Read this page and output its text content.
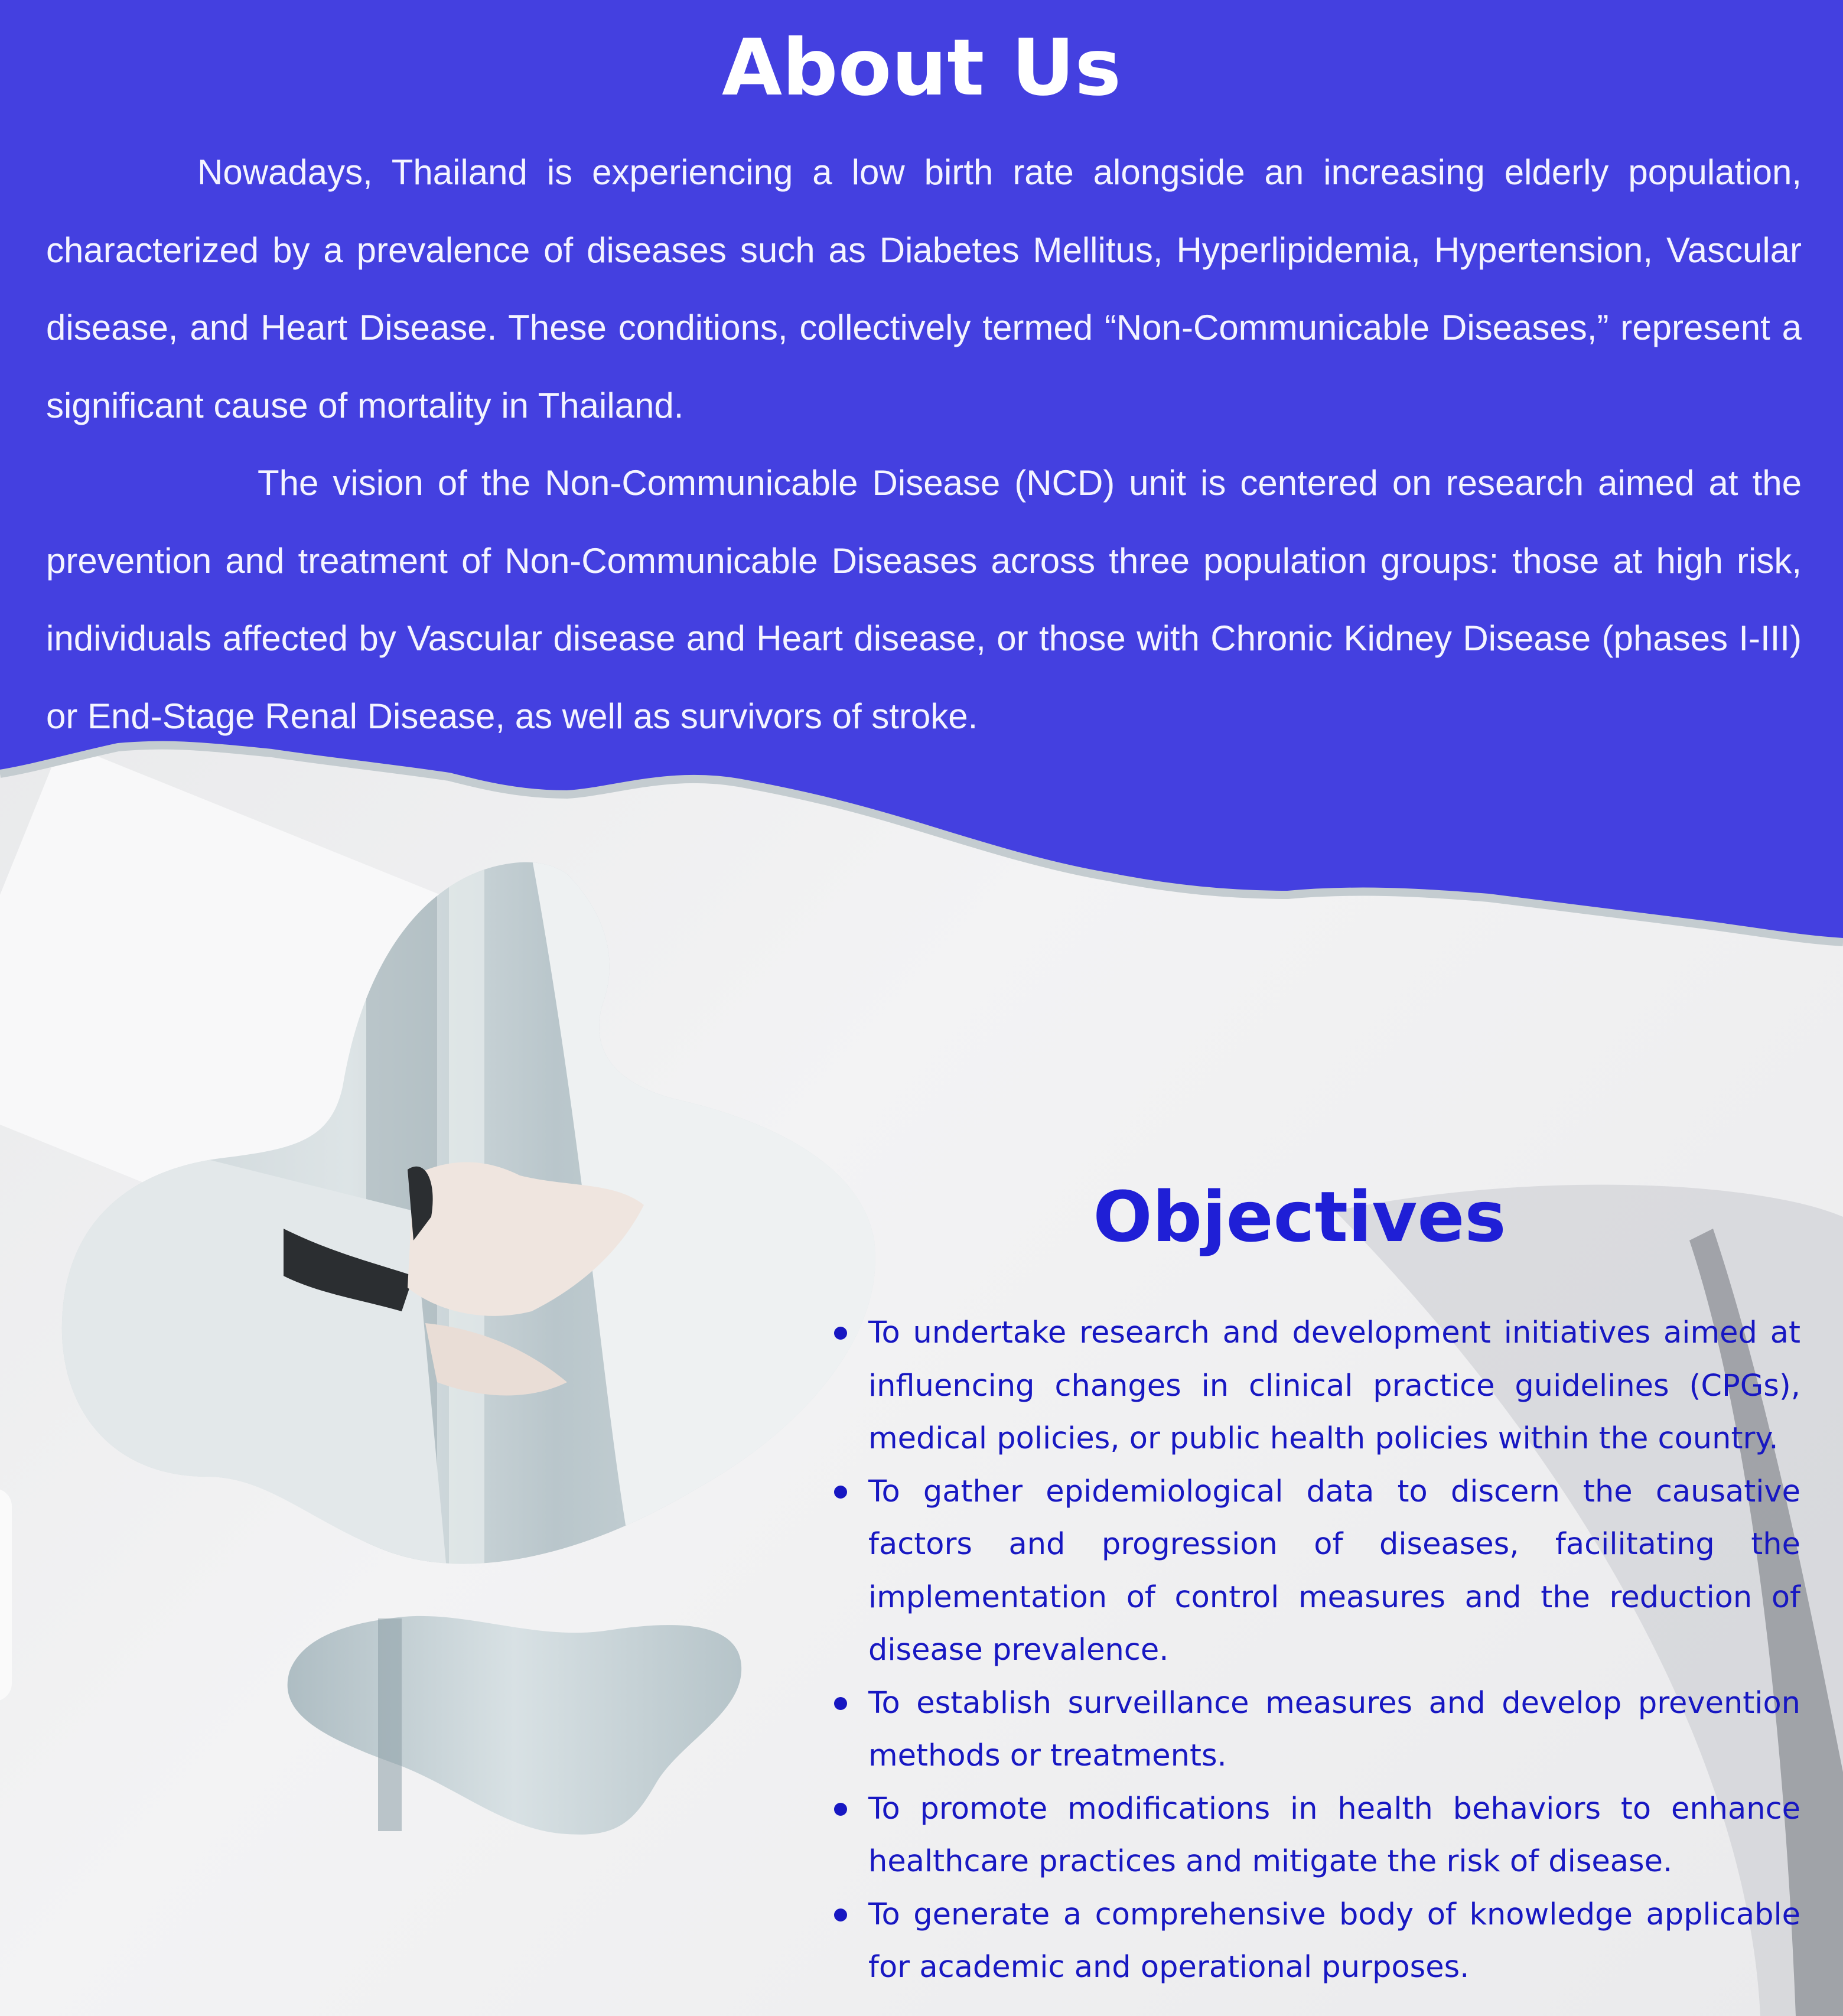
About Us

Nowadays, Thailand is experiencing a low birth rate alongside an increasing elderly population, characterized by a prevalence of diseases such as Diabetes Mellitus, Hyperlipidemia, Hypertension, Vascular disease, and Heart Disease. These conditions, collectively termed “Non-Communicable Diseases,” represent a significant cause of mortality in Thailand.

The vision of the Non-Communicable Disease (NCD) unit is centered on research aimed at the prevention and treatment of Non-Communicable Diseases across three population groups: those at high risk, individuals affected by Vascular disease and Heart disease, or those with Chronic Kidney Disease (phases I-III) or End-Stage Renal Disease, as well as survivors of stroke.

Objectives
To undertake research and development initiatives aimed at influencing changes in clinical practice guidelines (CPGs), medical policies, or public health policies within the country.
To gather epidemiological data to discern the causative factors and progression of diseases, facilitating the implementation of control measures and the reduction of disease prevalence.
To establish surveillance measures and develop prevention methods or treatments.
To promote modifications in health behaviors to enhance healthcare practices and mitigate the risk of disease.
To generate a comprehensive body of knowledge applicable for academic and operational purposes.
